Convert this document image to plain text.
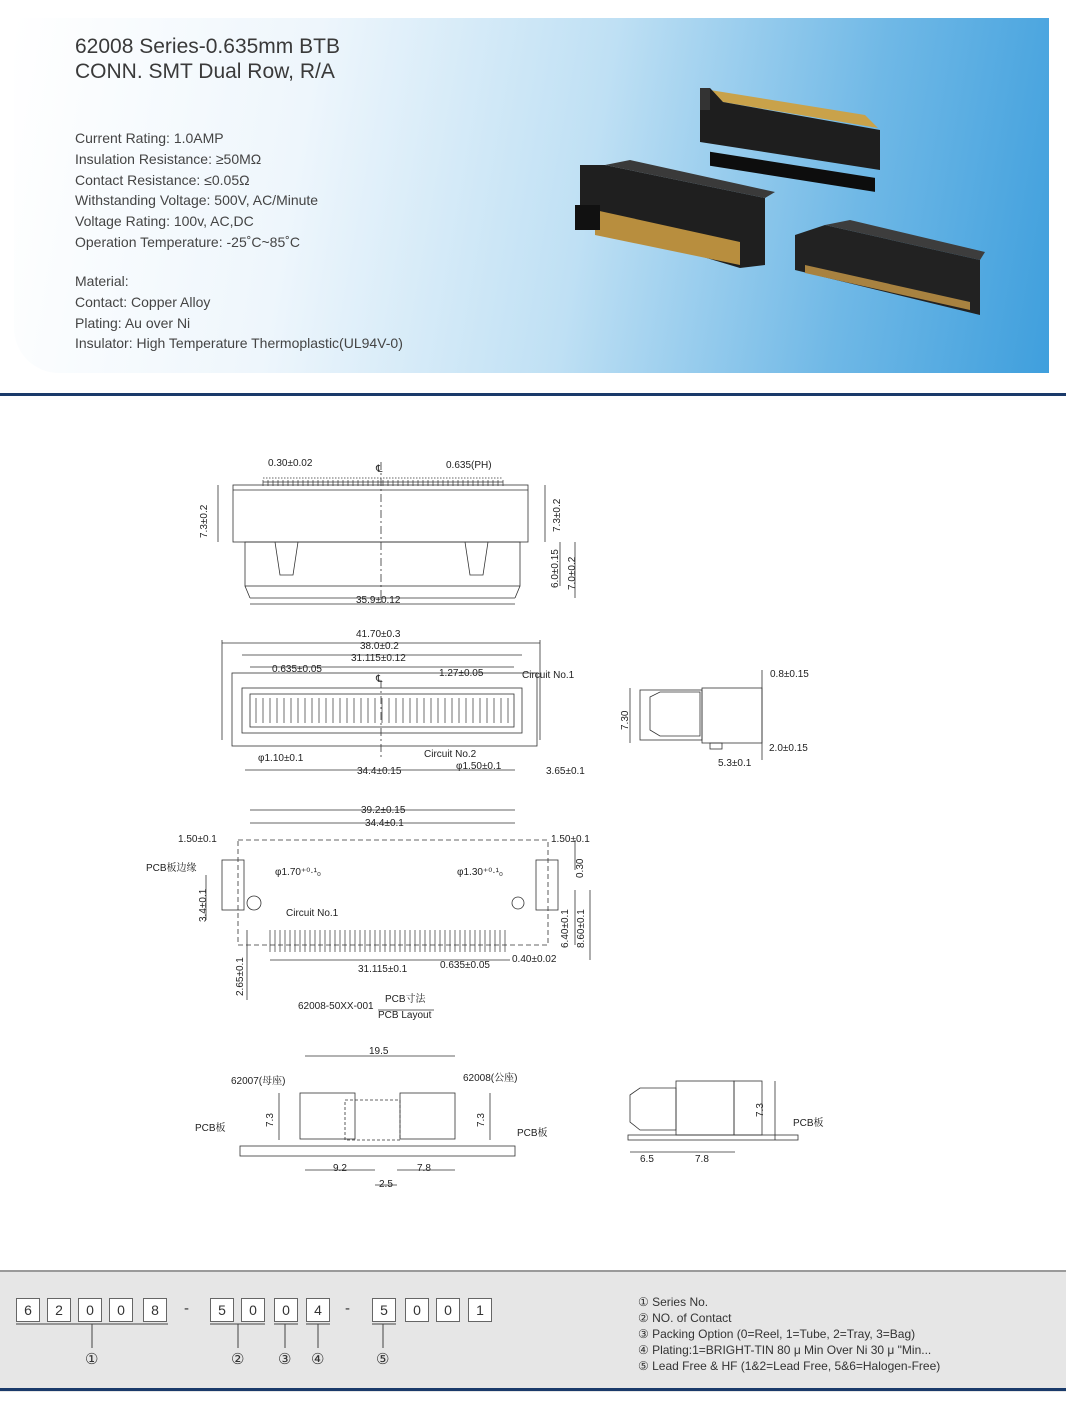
62008 Series-0.635mm BTB
CONN. SMT Dual Row, R/A
Current Rating: 1.0AMP
Insulation Resistance: ≥50MΩ
Contact Resistance: ≤0.05Ω
Withstanding Voltage: 500V, AC/Minute
Voltage Rating: 100v, AC,DC
Operation Temperature: -25˚C~85˚C
Material:
Contact: Copper Alloy
Plating: Au over Ni
Insulator: High Temperature Thermoplastic(UL94V-0)
0.30±0.02	0.635(PH)
℄
7.3±0.2	7.3±0.2
6.0±0.15 7.0±0.2
35.9±0.12
41.70±0.3
38.0±0.2
31.115±0.12
0.635±0.05	1.27±0.05
℄	Circuit No.1
Circuit No.2
φ1.10±0.1
φ1.50±0.1
34.4±0.15	3.65±0.1
7.30
0.8±0.15
2.0±0.15
5.3±0.1
39.2±0.15
34.4±0.1
1.50±0.1	1.50±0.1
PCB板边缘	φ1.70⁺⁰·¹₀	φ1.30⁺⁰·¹₀
3.4±0.1
0.30
Circuit No.1	6.40±0.1 8.60±0.1
2.65±0.1	0.635±0.05
0.40±0.02
31.115±0.1
62008-50XX-001
PCB寸法
PCB Layout
19.5
62007(母座)	62008(公座)
PCB板	PCB板
7.3	7.3
9.2	7.8
2.5
7.3
PCB板
6.5	7.8
6	2	0	0	8	-	5	0	0	4	-	5	0	0	1
①	② ③ ④	⑤
① Series No.
② NO. of Contact
③ Packing Option (0=Reel, 1=Tube, 2=Tray, 3=Bag)
④ Plating:1=BRIGHT-TIN 80 μ Min Over Ni 30 μ "Min...
⑤ Lead Free & HF (1&2=Lead Free, 5&6=Halogen-Free)
